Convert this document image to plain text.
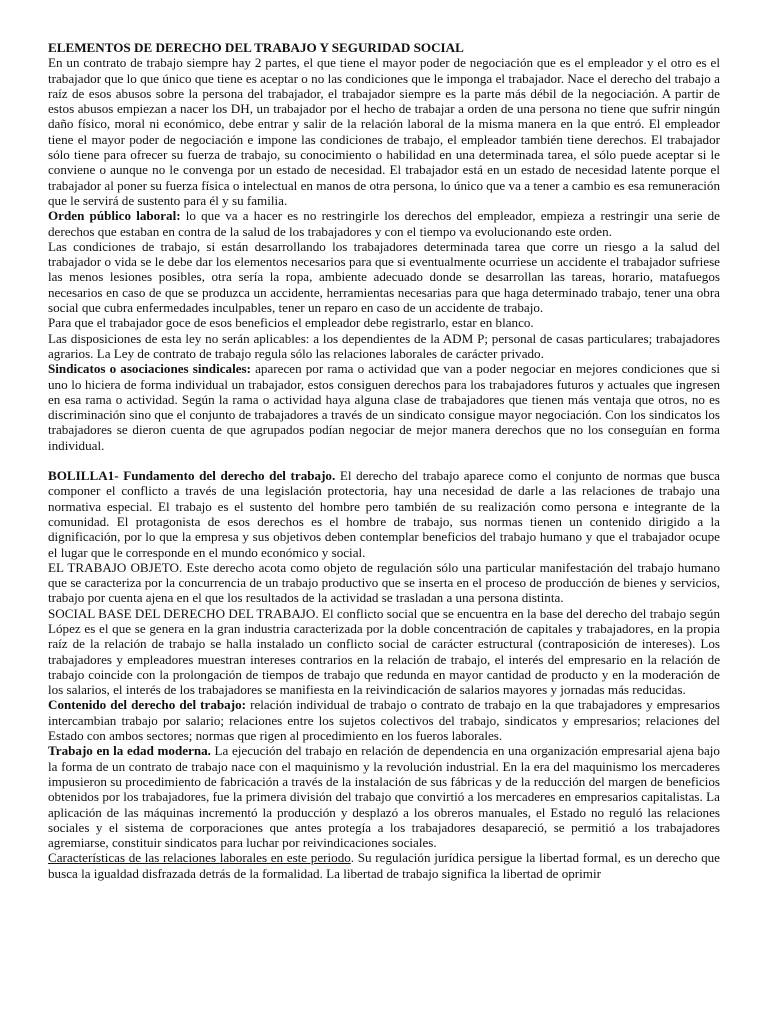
ELEMENTOS DE DERECHO DEL TRABAJO Y SEGURIDAD SOCIAL

En un contrato de trabajo siempre hay 2 partes, el que tiene el mayor poder de negociación que es el empleador y el otro es el trabajador que lo que único que tiene es aceptar o no las condiciones que le imponga el trabajador. Nace el derecho del trabajo a raíz de esos abusos sobre la persona del trabajador, el trabajador siempre es la parte más débil de la negociación. A partir de estos abusos empiezan a nacer los DH, un trabajador por el hecho de trabajar a orden de una persona no tiene que sufrir ningún daño físico, moral ni económico, debe entrar y salir de la relación laboral de la misma manera en la que entró. El empleador tiene el mayor poder de negociación e impone las condiciones de trabajo, el empleador también tiene derechos. El trabajador sólo tiene para ofrecer su fuerza de trabajo, su conocimiento o habilidad en una determinada tarea, el sólo puede aceptar si le conviene o aunque no le convenga por un estado de necesidad. El trabajador está en un estado de necesidad latente porque el trabajador al poner su fuerza física o intelectual en manos de otra persona, lo único que va a tener a cambio es esa remuneración que le servirá de sustento para él y su familia.

Orden público laboral: lo que va a hacer es no restringirle los derechos del empleador, empieza a restringir una serie de derechos que estaban en contra de la salud de los trabajadores y con el tiempo va evolucionando este orden.

Las condiciones de trabajo, si están desarrollando los trabajadores determinada tarea que corre un riesgo a la salud del trabajador o vida se le debe dar los elementos necesarios para que si eventualmente ocurriese un accidente el trabajador sufriese las menos lesiones posibles, otra sería la ropa, ambiente adecuado donde se desarrollan las tareas, horario, matafuegos necesarios en caso de que se produzca un accidente, herramientas necesarias para que haga determinado trabajo, tener una obra social que cubra enfermedades inculpables, tener un reparo en caso de un accidente de trabajo.

Para que el trabajador goce de esos beneficios el empleador debe registrarlo, estar en blanco.

Las disposiciones de esta ley no serán aplicables: a los dependientes de la ADM P; personal de casas particulares; trabajadores agrarios. La Ley de contrato de trabajo regula sólo las relaciones laborales de carácter privado.

Sindicatos o asociaciones sindicales: aparecen por rama o actividad que van a poder negociar en mejores condiciones que si uno lo hiciera de forma individual un trabajador, estos consiguen derechos para los trabajadores futuros y actuales que ingresen en esa rama o actividad. Según la rama o actividad haya alguna clase de trabajadores que tienen más ventaja que otros, no es discriminación sino que el conjunto de trabajadores a través de un sindicato consigue mayor negociación. Con los sindicatos los trabajadores se dieron cuenta de que agrupados podían negociar de mejor manera derechos que no los conseguían en forma individual.

BOLILLA1- Fundamento del derecho del trabajo. El derecho del trabajo aparece como el conjunto de normas que busca componer el conflicto a través de una legislación protectoria, hay una necesidad de darle a las relaciones de trabajo una normativa especial. El trabajo es el sustento del hombre pero también de su realización como persona e integrante de la comunidad. El protagonista de esos derechos es el hombre de trabajo, sus normas tienen un contenido dirigido a la dignificación, por lo que la empresa y sus objetivos deben contemplar beneficios del trabajo humano y que el trabajador ocupe el lugar que le corresponde en el mundo económico y social.

EL TRABAJO OBJETO. Este derecho acota como objeto de regulación sólo una particular manifestación del trabajo humano que se caracteriza por la concurrencia de un trabajo productivo que se inserta en el proceso de producción de bienes y servicios, trabajo por cuenta ajena en el que los resultados de la actividad se trasladan a una persona distinta.

SOCIAL BASE DEL DERECHO DEL TRABAJO. El conflicto social que se encuentra en la base del derecho del trabajo según López es el que se genera en la gran industria caracterizada por la doble concentración de capitales y trabajadores, en la propia raíz de la relación de trabajo se halla instalado un conflicto social de carácter estructural (contraposición de intereses). Los trabajadores y empleadores muestran intereses contrarios en la relación de trabajo, el interés del empresario en la relación de trabajo coincide con la prolongación de tiempos de trabajo que redunda en mayor cantidad de producto y en la moderación de los salarios, el interés de los trabajadores se manifiesta en la reivindicación de salarios mayores y jornadas más reducidas.

Contenido del derecho del trabajo: relación individual de trabajo o contrato de trabajo en la que trabajadores y empresarios intercambian trabajo por salario; relaciones entre los sujetos colectivos del trabajo, sindicatos y empresarios; relaciones del Estado con ambos sectores; normas que rigen al procedimiento en los fueros laborales.

Trabajo en la edad moderna. La ejecución del trabajo en relación de dependencia en una organización empresarial ajena bajo la forma de un contrato de trabajo nace con el maquinismo y la revolución industrial. En la era del maquinismo los mercaderes impusieron su procedimiento de fabricación a través de la instalación de sus fábricas y de la reducción del margen de beneficios obtenidos por los trabajadores, fue la primera división del trabajo que convirtió a los mercaderes en empresarios capitalistas. La aplicación de las máquinas incrementó la producción y desplazó a los obreros manuales, el Estado no reguló las relaciones sociales y el sistema de corporaciones que antes protegía a los trabajadores desapareció, se permitió a los trabajadores agremiarse, constituir sindicatos para luchar por reivindicaciones sociales.

Características de las relaciones laborales en este periodo. Su regulación jurídica persigue la libertad formal, es un derecho que busca la igualdad disfrazada detrás de la formalidad. La libertad de trabajo significa la libertad de oprimir
